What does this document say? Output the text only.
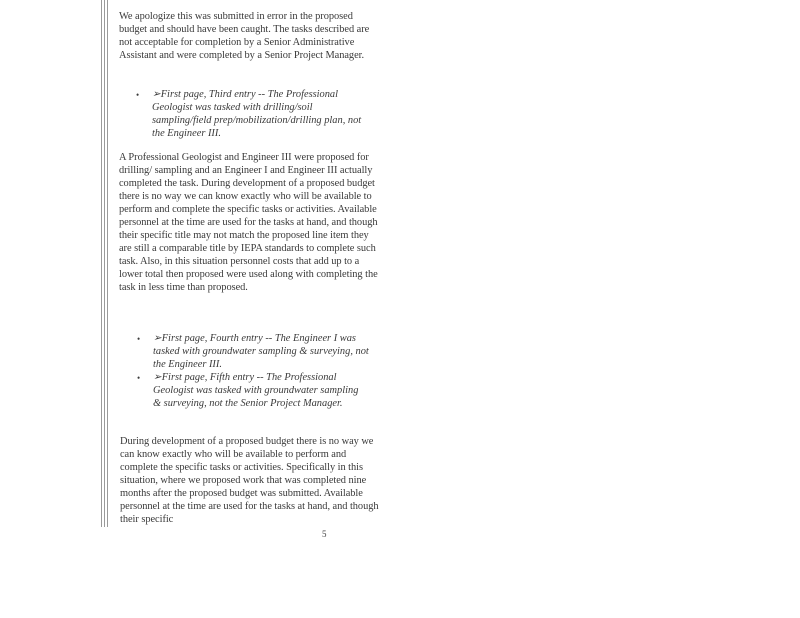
We apologize this was submitted in error in the proposed budget and should have been caught. The tasks described are not acceptable for completion by a Senior Administrative Assistant and were completed by a Senior Project Manager.

• ➢First page, Third entry -- The Professional Geologist was tasked with drilling/soil sampling/field prep/mobilization/drilling plan, not the Engineer III.

A Professional Geologist and Engineer III were proposed for drilling/ sampling and an Engineer I and Engineer III actually completed the task. During development of a proposed budget there is no way we can know exactly who will be available to perform and complete the specific tasks or activities. Available personnel at the time are used for the tasks at hand, and though their specific title may not match the proposed line item they are still a comparable title by IEPA standards to complete such task. Also, in this situation personnel costs that add up to a lower total then proposed were used along with completing the task in less time than proposed.

• ➢First page, Fourth entry -- The Engineer I was tasked with groundwater sampling & surveying, not the Engineer III.
• ➢First page, Fifth entry -- The Professional Geologist was tasked with groundwater sampling & surveying, not the Senior Project Manager.

During development of a proposed budget there is no way we can know exactly who will be available to perform and complete the specific tasks or activities. Specifically in this situation, where we proposed work that was completed nine months after the proposed budget was submitted. Available personnel at the time are used for the tasks at hand, and though their specific

5
